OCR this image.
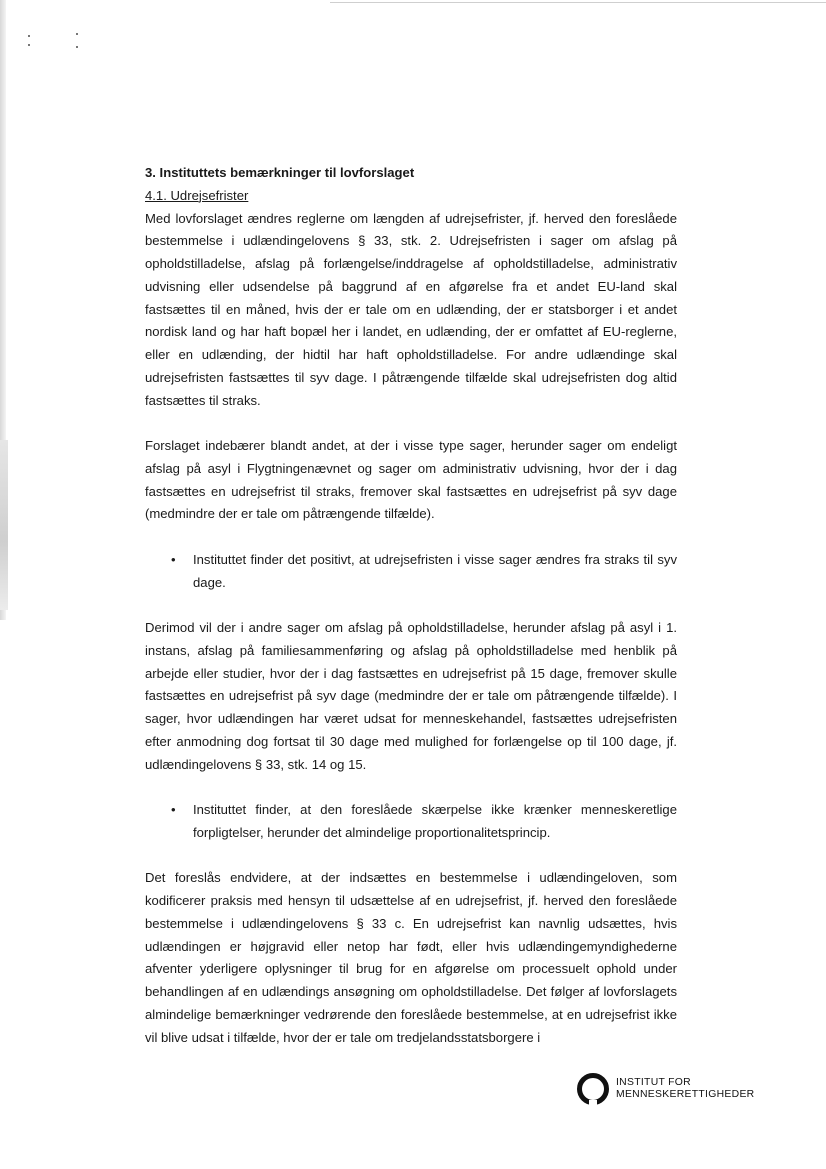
3. Instituttets bemærkninger til lovforslaget
4.1. Udrejsefrister

Med lovforslaget ændres reglerne om længden af udrejsefrister, jf. herved den foreslåede bestemmelse i udlændingelovens § 33, stk. 2. Udrejsefristen i sager om afslag på opholdstilladelse, afslag på forlængelse/inddragelse af opholdstilladelse, administrativ udvisning eller udsendelse på baggrund af en afgørelse fra et andet EU-land skal fastsættes til en måned, hvis der er tale om en udlænding, der er statsborger i et andet nordisk land og har haft bopæl her i landet, en udlænding, der er omfattet af EU-reglerne, eller en udlænding, der hidtil har haft opholdstilladelse. For andre udlændinge skal udrejsefristen fastsættes til syv dage. I påtrængende tilfælde skal udrejsefristen dog altid fastsættes til straks.

Forslaget indebærer blandt andet, at der i visse type sager, herunder sager om endeligt afslag på asyl i Flygtningenævnet og sager om administrativ udvisning, hvor der i dag fastsættes en udrejsefrist til straks, fremover skal fastsættes en udrejsefrist på syv dage (medmindre der er tale om påtrængende tilfælde).

• Instituttet finder det positivt, at udrejsefristen i visse sager ændres fra straks til syv dage.

Derimod vil der i andre sager om afslag på opholdstilladelse, herunder afslag på asyl i 1. instans, afslag på familiesammenføring og afslag på opholdstilladelse med henblik på arbejde eller studier, hvor der i dag fastsættes en udrejsefrist på 15 dage, fremover skulle fastsættes en udrejsefrist på syv dage (medmindre der er tale om påtrængende tilfælde). I sager, hvor udlændingen har været udsat for menneskehandel, fastsættes udrejsefristen efter anmodning dog fortsat til 30 dage med mulighed for forlængelse op til 100 dage, jf. udlændingelovens § 33, stk. 14 og 15.

• Instituttet finder, at den foreslåede skærpelse ikke krænker menneskeretlige forpligtelser, herunder det almindelige proportionalitetsprincip.

Det foreslås endvidere, at der indsættes en bestemmelse i udlændingeloven, som kodificerer praksis med hensyn til udsættelse af en udrejsefrist, jf. herved den foreslåede bestemmelse i udlændingelovens § 33 c. En udrejsefrist kan navnlig udsættes, hvis udlændingen er højgravid eller netop har født, eller hvis udlændingemyndighederne afventer yderligere oplysninger til brug for en afgørelse om processuelt ophold under behandlingen af en udlændings ansøgning om opholdstilladelse. Det følger af lovforslagets almindelige bemærkninger vedrørende den foreslåede bestemmelse, at en udrejsefrist ikke vil blive udsat i tilfælde, hvor der er tale om tredjelandsstatsborgere i

INSTITUT FOR
MENNESKERETTIGHEDER
